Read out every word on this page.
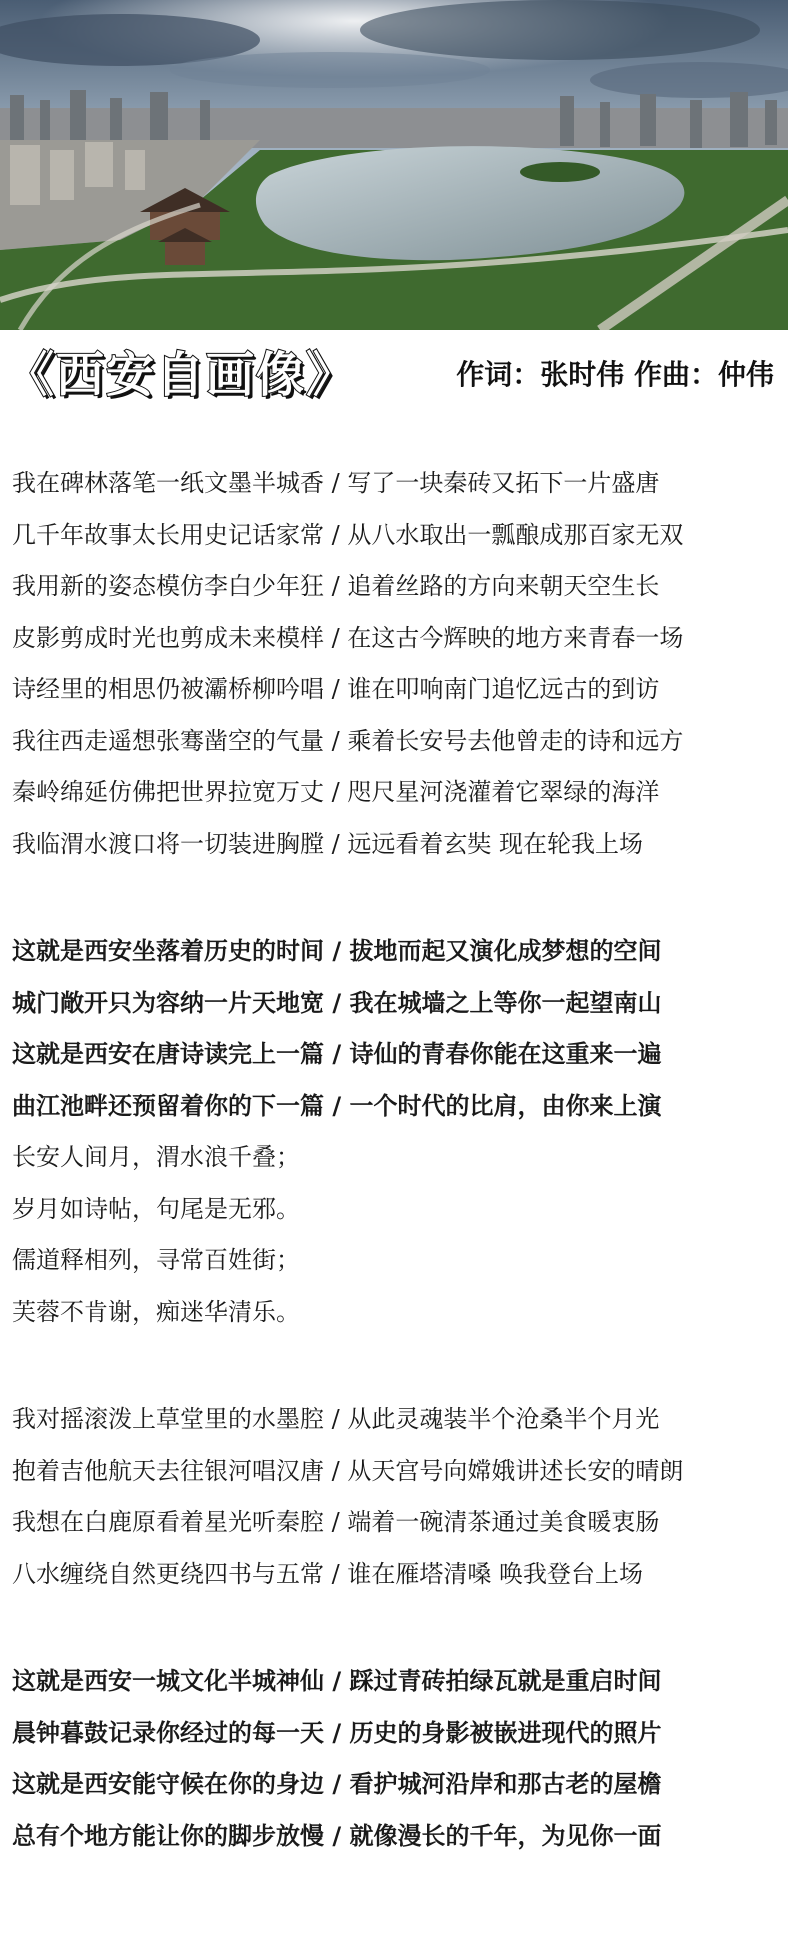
《西安自画像》	作词：张时伟 作曲：仲伟
我在碑林落笔一纸文墨半城香 / 写了一块秦砖又拓下一片盛唐
几千年故事太长用史记话家常 / 从八水取出一瓢酿成那百家无双
我用新的姿态模仿李白少年狂 / 追着丝路的方向来朝天空生长
皮影剪成时光也剪成未来模样 / 在这古今辉映的地方来青春一场
诗经里的相思仍被灞桥柳吟唱 / 谁在叩响南门追忆远古的到访
我往西走遥想张骞凿空的气量 / 乘着长安号去他曾走的诗和远方
秦岭绵延仿佛把世界拉宽万丈 / 咫尺星河浇灌着它翠绿的海洋
我临渭水渡口将一切装进胸膛 / 远远看着玄奘 现在轮我上场
这就是西安坐落着历史的时间 / 拔地而起又演化成梦想的空间
城门敞开只为容纳一片天地宽 / 我在城墙之上等你一起望南山
这就是西安在唐诗读完上一篇 / 诗仙的青春你能在这重来一遍
曲江池畔还预留着你的下一篇 / 一个时代的比肩，由你来上演
长安人间月，渭水浪千叠；
岁月如诗帖，句尾是无邪。
儒道释相列，寻常百姓街；
芙蓉不肯谢，痴迷华清乐。
我对摇滚泼上草堂里的水墨腔 / 从此灵魂装半个沧桑半个月光
抱着吉他航天去往银河唱汉唐 / 从天宫号向嫦娥讲述长安的晴朗
我想在白鹿原看着星光听秦腔 / 端着一碗清茶通过美食暖衷肠
八水缠绕自然更绕四书与五常 / 谁在雁塔清嗓 唤我登台上场
这就是西安一城文化半城神仙 / 踩过青砖拍绿瓦就是重启时间
晨钟暮鼓记录你经过的每一天 / 历史的身影被嵌进现代的照片
这就是西安能守候在你的身边 / 看护城河沿岸和那古老的屋檐
总有个地方能让你的脚步放慢 / 就像漫长的千年，为见你一面
